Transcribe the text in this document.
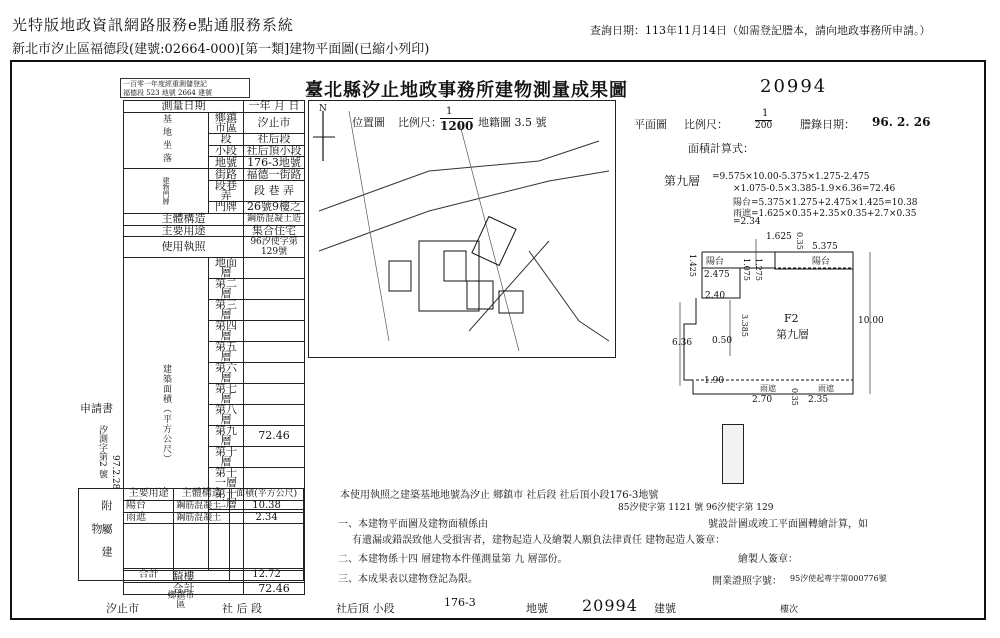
光特版地政資訊網路服務e點通服務系統
新北市汐止區福德段(建號:02664-000)[第一類]建物平面圖(已縮小列印)
查詢日期：113年11月14日（如需登記謄本，請向地政事務所申請。）
一百零一年度經重測儲登記
福德段 523 地號 2664 建號	臺北縣汐止地政事務所建物測量成果圖	20994
測量日期		一年 月 日
基地坐落	鄉鎮市區	汐止市
	段	社后段
	小段	社后頂小段
	地號	176-3地號
建物門牌	街路	福德一街路
	段巷弄	段 巷 弄
	門牌	26號9樓之
主體構造		鋼筋混凝土造
主要用途		集合住宅
使用執照		96汐使字第129號
建築面積（平方公尺）	地面層	
	第二層	
	第三層	
	第四層	
	第五層	
	第六層	
	第七層	
	第八層	
	第九層	72.46
	第十層	
	第十一層	
	第十二層	

騎樓		
合計		72.46
申請書
汐測字第2 號 97.2.28
附屬建物	主要用途	主體構造	面積(平方公尺)
	陽台	鋼筋混凝土	10.38
	雨遮	鋼筋混凝土	2.34

	合計		12.72
N
位置圖 比例尺：
1
1200 地籍圖 3.5 號	平面圖 比例尺：
1
200	謄錄日期： 96. 2. 26
面積計算式：
第九層 =9.575×10.00-5.375×1.275-2.475
×1.075-0.5×3.385-1.9×6.36=72.46
陽台=5.375×1.275+2.475×1.425=10.38
雨遮=1.625×0.35+2.35×0.35+2.7×0.35
=2.34
1.625 0.35 5.375
1.425 陽台	陽台
2.475 1.075 1.275
2.40
F2
第九層
3.385
6.36 0.50
10.00
1.90
雨遮	雨遮
2.70 0.35 2.35
本使用執照之建築基地地號為汐止 鄉鎮市 社后段 社后頂小段176-3地號
85汐使字第 1121 號 96汐使字第 129
一、本建物平面圖及建物面積係由	號設計圖或竣工平面圖轉繪計算，如
有遺漏或錯誤致他人受損害者，建物起造人及繪製人願負法律責任 建物起造人簽章：
二、本建物係十四 層建物本件僅測量第 九 層部份。	繪製人簽章：
三、本成果表以建物登記為限。	開業證照字號： 95汐使起專字第000776號
汐止市
鄉鎮市區	社 后 段	社后頂 小段	176-3	地號 20994 建號	樓次
